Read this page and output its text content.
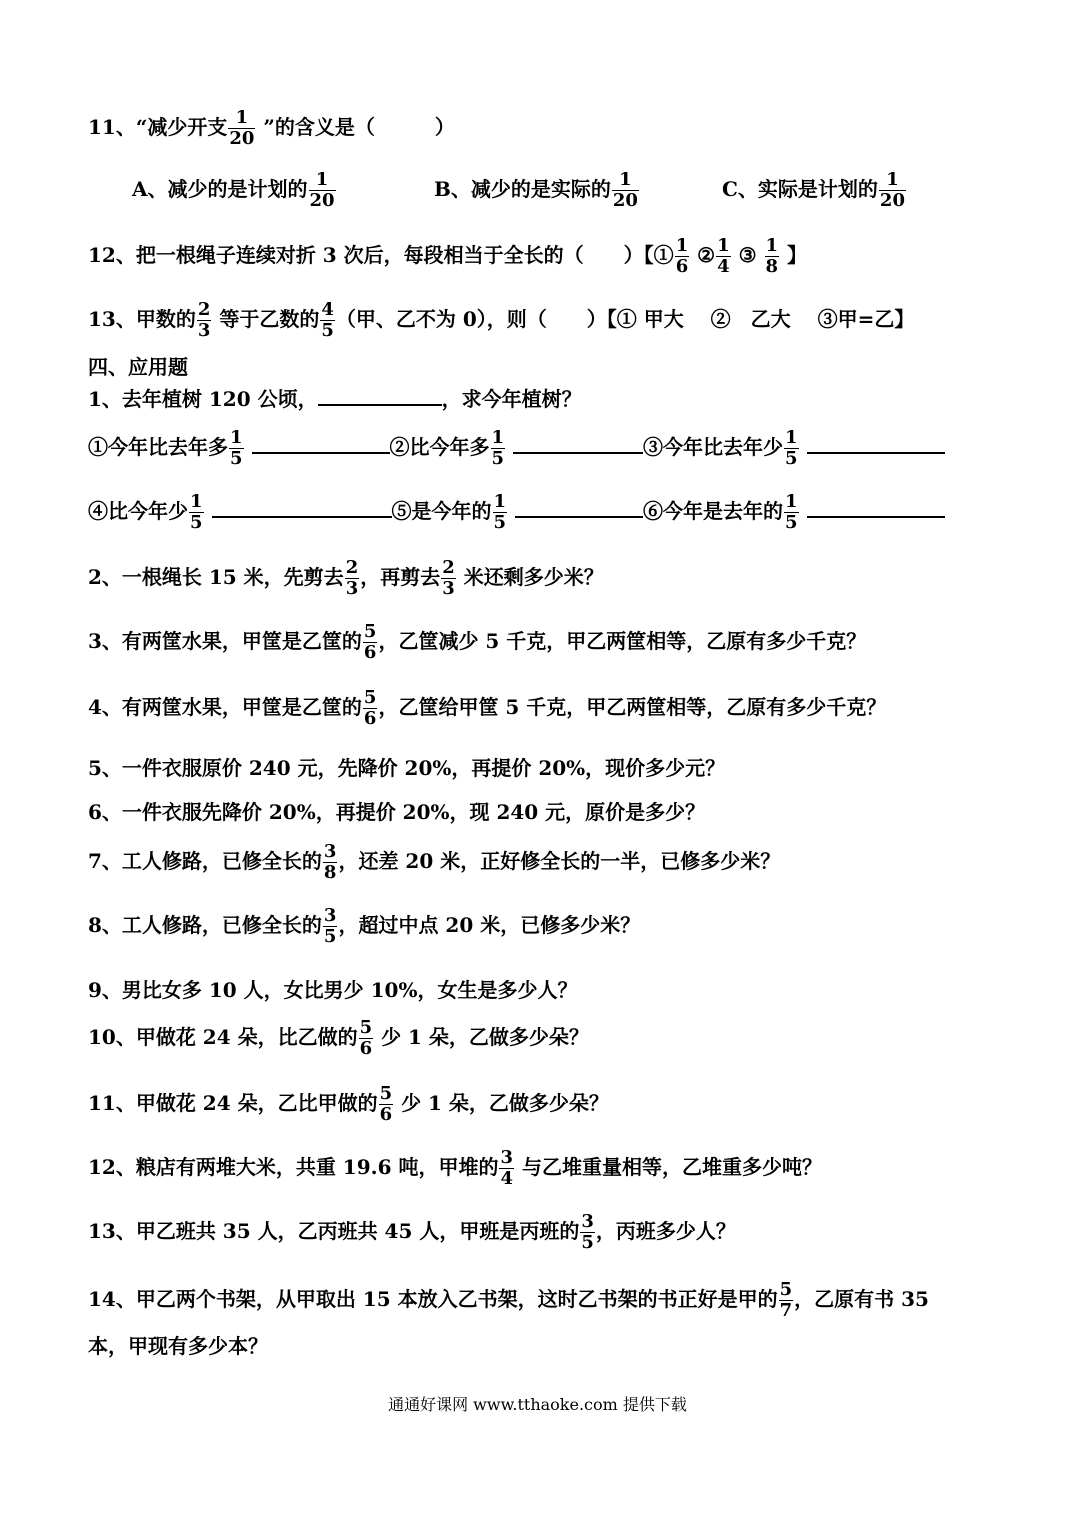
11、“减少开支 $\frac{1}{20}$ ”的含义是（　　　）
A、减少的是计划的 $\frac{1}{20}$	B、减少的是实际的 $\frac{1}{20}$	C、实际是计划的 $\frac{1}{20}$
12、把一根绳子连续对折 3 次后，每段相当于全长的（　　）【① $\frac{1}{6}$ ② $\frac{1}{4}$ ③ $\frac{1}{8}$ 】
13、甲数的 $\frac{2}{3}$ 等于乙数的 $\frac{4}{5}$ （甲、乙不为 0），则（　　）【① 甲大　 ②　乙大　 ③甲=乙】
四、应用题
1、去年植树 120 公顷，	，求今年植树？
①今年比去年多 $\frac{1}{5}$	②比今年多 $\frac{1}{5}$	③今年比去年少 $\frac{1}{5}$

④比今年少 $\frac{1}{5}$	⑤是今年的 $\frac{1}{5}$	⑥今年是去年的 $\frac{1}{5}$

2、一根绳长 15 米，先剪去 $\frac{2}{3}$ ，再剪去 $\frac{2}{3}$ 米还剩多少米？
3、有两筐水果，甲筐是乙筐的 $\frac{5}{6}$ ，乙筐减少 5 千克，甲乙两筐相等，乙原有多少千克？
4、有两筐水果，甲筐是乙筐的 $\frac{5}{6}$ ，乙筐给甲筐 5 千克，甲乙两筐相等，乙原有多少千克？
5、一件衣服原价 240 元，先降价 20%，再提价 20%，现价多少元？
6、一件衣服先降价 20%，再提价 20%，现 240 元，原价是多少？
7、工人修路，已修全长的 $\frac{3}{8}$ ，还差 20 米，正好修全长的一半，已修多少米？
8、工人修路，已修全长的 $\frac{3}{5}$ ，超过中点 20 米，已修多少米？
9、男比女多 10 人，女比男少 10%，女生是多少人？
10、甲做花 24 朵，比乙做的 $\frac{5}{6}$ 少 1 朵，乙做多少朵？
11、甲做花 24 朵，乙比甲做的 $\frac{5}{6}$ 少 1 朵，乙做多少朵？
12、粮店有两堆大米，共重 19.6 吨，甲堆的 $\frac{3}{4}$ 与乙堆重量相等，乙堆重多少吨？
13、甲乙班共 35 人，乙丙班共 45 人，甲班是丙班的 $\frac{3}{5}$ ，丙班多少人？
14、甲乙两个书架，从甲取出 15 本放入乙书架，这时乙书架的书正好是甲的 $\frac{5}{7}$ ，乙原有书 35
本，甲现有多少本？
通通好课网 www.tthaoke.com 提供下载
